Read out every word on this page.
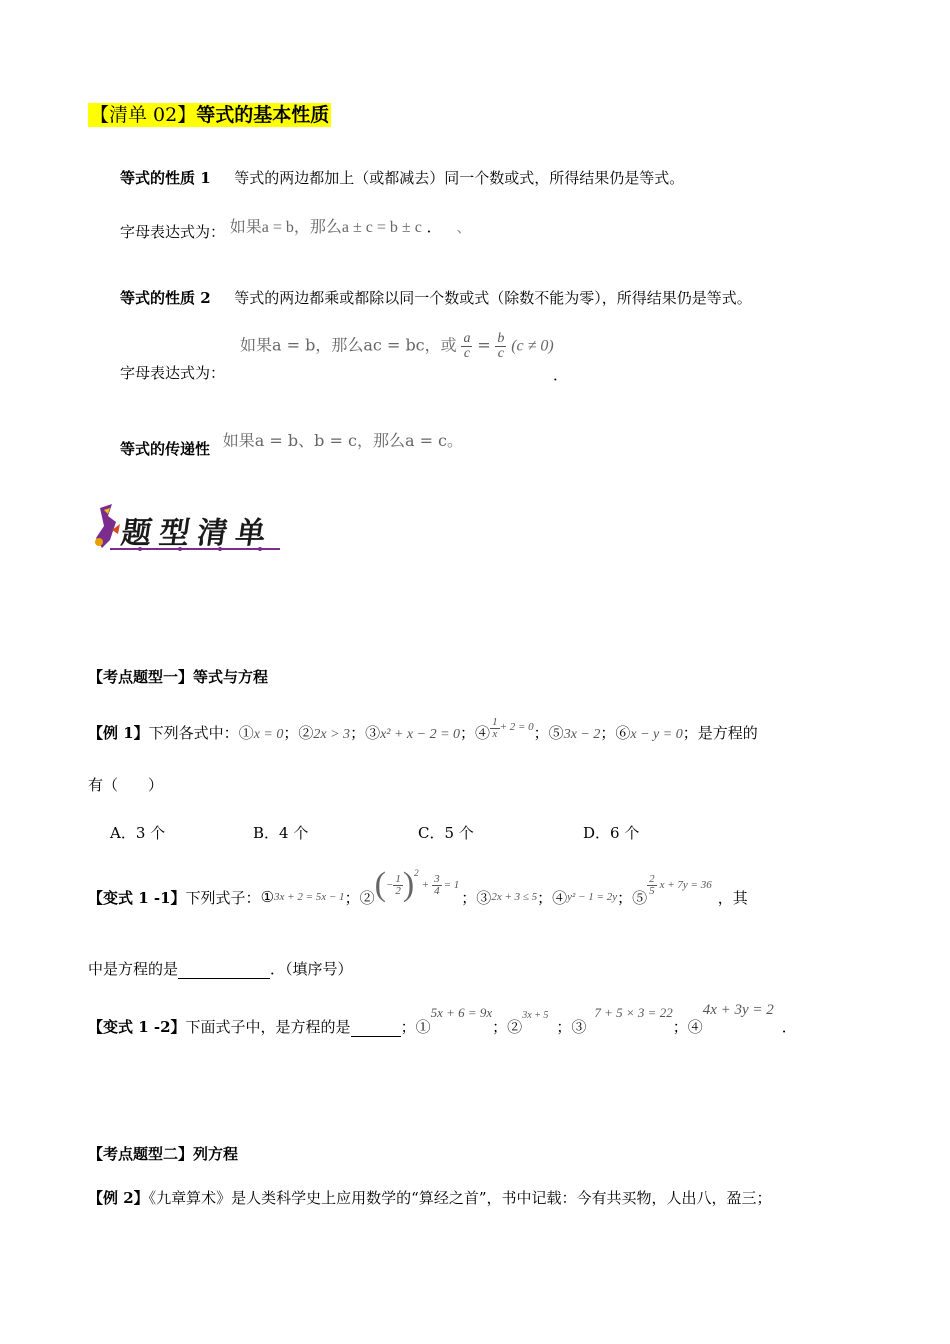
【清单 02】等式的基本性质
等式的性质 1 等式的两边都加上（或都减去）同一个数或式，所得结果仍是等式。
字母表达式为： 如果a = b，那么a ± c = b ± c ． 、
等式的性质 2 等式的两边都乘或都除以同一个数或式（除数不能为零），所得结果仍是等式。
字母表达式为：
如果a = b，那么ac = bc，或 $\frac{a}{c} = \frac{b}{c} (c \ne 0)$
．
等式的传递性 如果a = b、b = c，那么a = c。
题型清单
【考点题型一】等式与方程
【例 1】下列各式中：①x = 0；②2x > 3；③x² + x − 2 = 0；④ $\frac{1}{x} ^{+ 2 = 0}$；⑤3x − 2；⑥x − y = 0；是方程的
有（　　）
A．3 个	B．4 个	C．5 个	D．6 个
【变式 1 -1】 下列式子： ① 3x + 2 = 5x − 1 ；② ( − $\frac{1}{2} )^2$
+ $\frac{3}{4} = 1$
；③ 2x + 3 ≤ 5 ；④ y² − 1 = 2y ；⑤
$\frac{2}{5}$ x + 7y = 36
，其
中是方程的是	．（填序号）
【变式 1 -2】 下面式子中，是方程的是
	；①
5x + 6 = 9x
；②
3x + 5
；③
7 + 5 × 3 = 22
；④
4x + 3y = 2
．
【考点题型二】列方程
【例 2】《九章算术》是人类科学史上应用数学的“算经之首”，书中记载：今有共买物，人出八，盈三；
